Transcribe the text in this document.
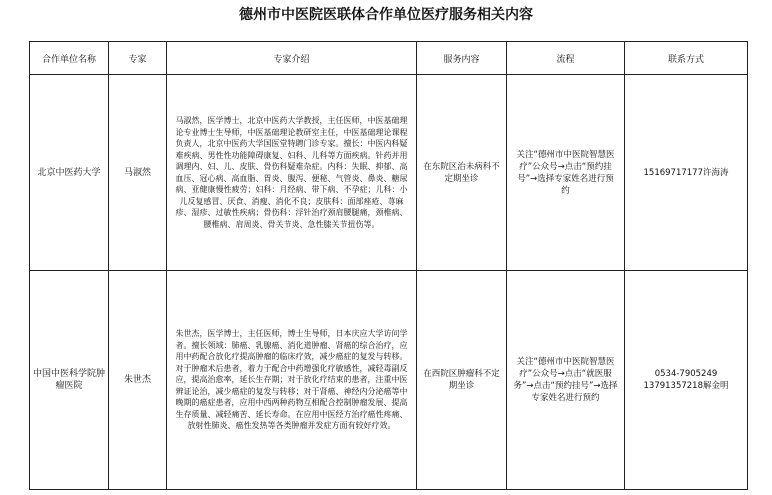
德州市中医院医联体合作单位医疗服务相关内容
合作单位名称	专家	专家介绍	服务内容	流程	联系方式
北京中医药大学	马淑然	马淑然，医学博士，北京中医药大学教授，主任医师，中医基础理论专业博士生导师，中医基础理论教研室主任，中医基础理论课程负责人，北京中医药大学国医堂特聘门诊专家。擅长：中医内科疑难疾病、男性性功能障碍康复、妇科、儿科等方面疾病。针药并用调理内、妇、儿、皮肤、骨伤科疑难杂症。内科：失眠、抑郁、高血压、冠心病、高血脂、胃炎、腹泻、便秘、气管炎、鼻炎、糖尿病、亚健康慢性疲劳；妇科：月经病、带下病、不孕症；儿科：小儿反复感冒、厌食、消瘦、消化不良；皮肤科：面部痤疮、荨麻疹、湿疹、过敏性疾病；骨伤科：浮针治疗颈肩腰腿痛，颈椎病、腰椎病、肩周炎、骨关节炎、急性膝关节扭伤等。	在东院区治未病科不定期坐诊	关注“德州市中医院智慧医疗”公众号→点击“预约挂号”→选择专家姓名进行预约	15169717177许海涛
中国中医科学院肿瘤医院	朱世杰	朱世杰，医学博士，主任医师，博士生导师，日本庆应大学访问学者。擅长领域：肺癌、乳腺癌、消化道肿瘤、肾癌的综合治疗，应用中药配合放化疗提高肿瘤的临床疗效，减少癌症的复发与转移。对于肿瘤术后患者，着力于配合中药增强化疗敏感性，减轻毒副反应，提高治愈率，延长生存期；对于放化疗结束的患者，注重中医辨证论治，减少癌症的复发与转移；对于肾癌、神经内分泌癌等中晚期的癌症患者，应用中西两种药物互相配合控制肿瘤发展、提高生存质量、减轻痛苦、延长寿命。在应用中医经方治疗癌性疼痛、放射性肺炎、癌性发热等各类肿瘤并发症方面有较好疗效。	在西院区肿瘤科不定期坐诊	关注“德州市中医院智慧医疗”公众号→点击“就医服务”→点击“预约挂号”→选择专家姓名进行预约	0534-7905249
13791357218解金明
